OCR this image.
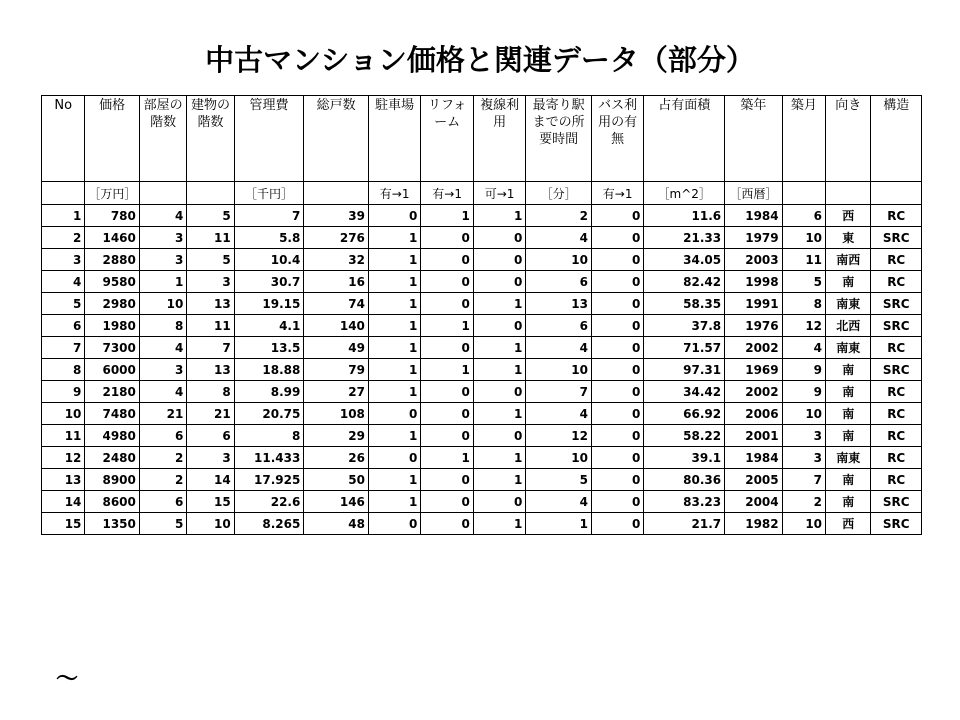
中古マンション価格と関連データ（部分）
No	価格	部屋の階数	建物の階数	管理費	総戸数	駐車場	リフォーム	複線利用	最寄り駅までの所要時間	バス利用の有無	占有面積	築年	築月	向き	構造
	［万円］			［千円］		有→1	有→1	可→1	［分］	有→1	［m^2］	［西暦］			
1	780	4	5	7	39	0	1	1	2	0	11.6	1984	6	西	RC
2	1460	3	11	5.8	276	1	0	0	4	0	21.33	1979	10	東	SRC
3	2880	3	5	10.4	32	1	0	0	10	0	34.05	2003	11	南西	RC
4	9580	1	3	30.7	16	1	0	0	6	0	82.42	1998	5	南	RC
5	2980	10	13	19.15	74	1	0	1	13	0	58.35	1991	8	南東	SRC
6	1980	8	11	4.1	140	1	1	0	6	0	37.8	1976	12	北西	SRC
7	7300	4	7	13.5	49	1	0	1	4	0	71.57	2002	4	南東	RC
8	6000	3	13	18.88	79	1	1	1	10	0	97.31	1969	9	南	SRC
9	2180	4	8	8.99	27	1	0	0	7	0	34.42	2002	9	南	RC
10	7480	21	21	20.75	108	0	0	1	4	0	66.92	2006	10	南	RC
11	4980	6	6	8	29	1	0	0	12	0	58.22	2001	3	南	RC
12	2480	2	3	11.433	26	0	1	1	10	0	39.1	1984	3	南東	RC
13	8900	2	14	17.925	50	1	0	1	5	0	80.36	2005	7	南	RC
14	8600	6	15	22.6	146	1	0	0	4	0	83.23	2004	2	南	SRC
15	1350	5	10	8.265	48	0	0	1	1	0	21.7	1982	10	西	SRC
〜
